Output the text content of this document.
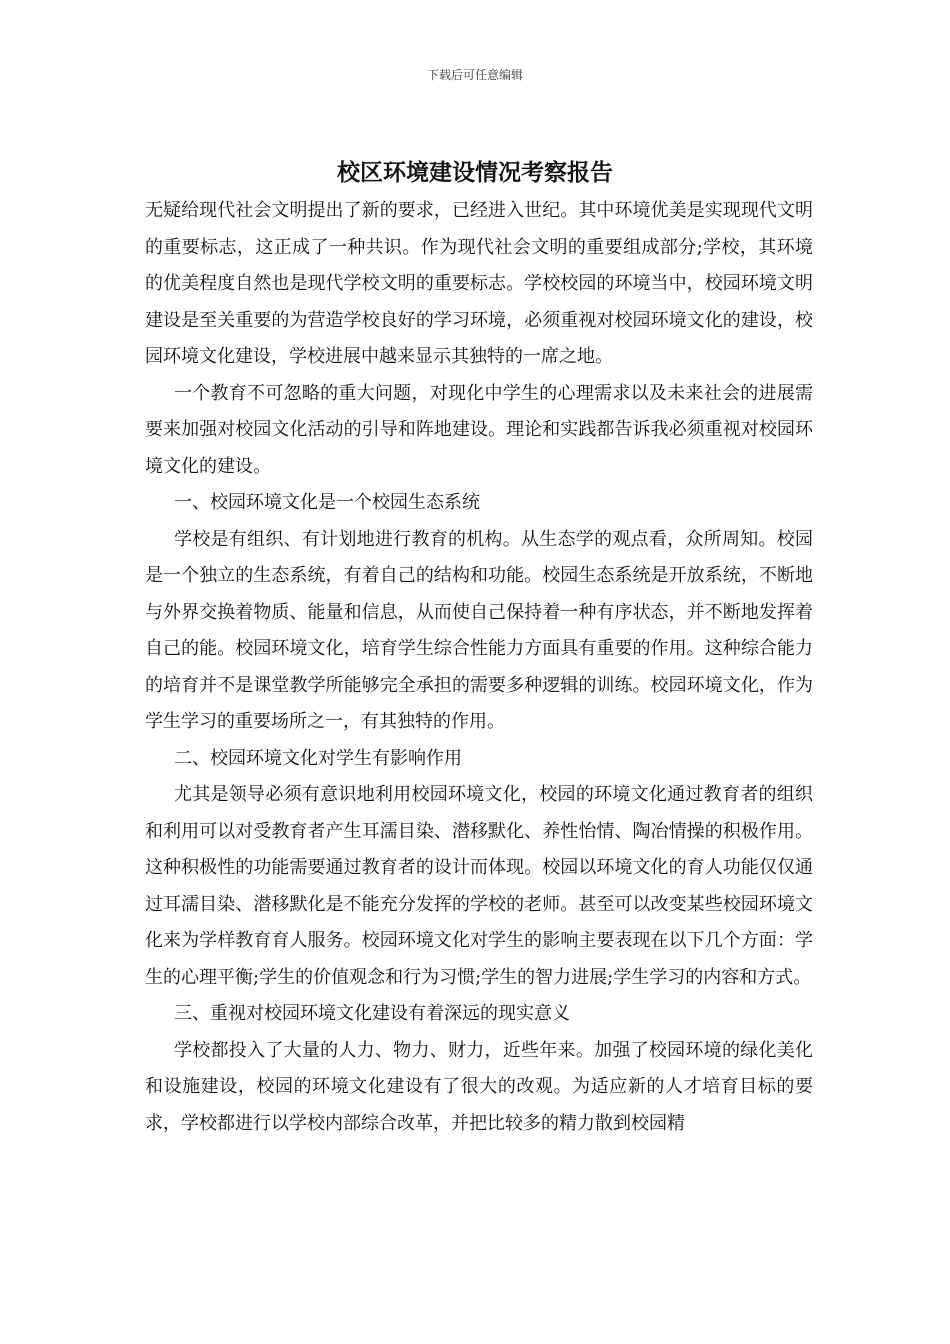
下载后可任意编辑
校区环境建设情况考察报告

无疑给现代社会文明提出了新的要求，已经进入世纪。其中环境优美是实现现代文明的重要标志，这正成了一种共识。作为现代社会文明的重要组成部分;学校，其环境的优美程度自然也是现代学校文明的重要标志。学校校园的环境当中，校园环境文明建设是至关重要的为营造学校良好的学习环境，必须重视对校园环境文化的建设，校园环境文化建设，学校进展中越来显示其独特的一席之地。

一个教育不可忽略的重大问题，对现化中学生的心理需求以及未来社会的进展需要来加强对校园文化活动的引导和阵地建设。理论和实践都告诉我必须重视对校园环境文化的建设。

一、校园环境文化是一个校园生态系统

学校是有组织、有计划地进行教育的机构。从生态学的观点看，众所周知。校园是一个独立的生态系统，有着自己的结构和功能。校园生态系统是开放系统，不断地与外界交换着物质、能量和信息，从而使自己保持着一种有序状态，并不断地发挥着自己的能。校园环境文化，培育学生综合性能力方面具有重要的作用。这种综合能力的培育并不是课堂教学所能够完全承担的需要多种逻辑的训练。校园环境文化，作为学生学习的重要场所之一，有其独特的作用。

二、校园环境文化对学生有影响作用

尤其是领导必须有意识地利用校园环境文化，校园的环境文化通过教育者的组织和利用可以对受教育者产生耳濡目染、潜移默化、养性怡情、陶冶情操的积极作用。这种积极性的功能需要通过教育者的设计而体现。校园以环境文化的育人功能仅仅通过耳濡目染、潜移默化是不能充分发挥的学校的老师。甚至可以改变某些校园环境文化来为学样教育育人服务。校园环境文化对学生的影响主要表现在以下几个方面：学生的心理平衡;学生的价值观念和行为习惯;学生的智力进展;学生学习的内容和方式。

三、重视对校园环境文化建设有着深远的现实意义

学校都投入了大量的人力、物力、财力，近些年来。加强了校园环境的绿化美化和设施建设，校园的环境文化建设有了很大的改观。为适应新的人才培育目标的要求，学校都进行以学校内部综合改革，并把比较多的精力散到校园精
